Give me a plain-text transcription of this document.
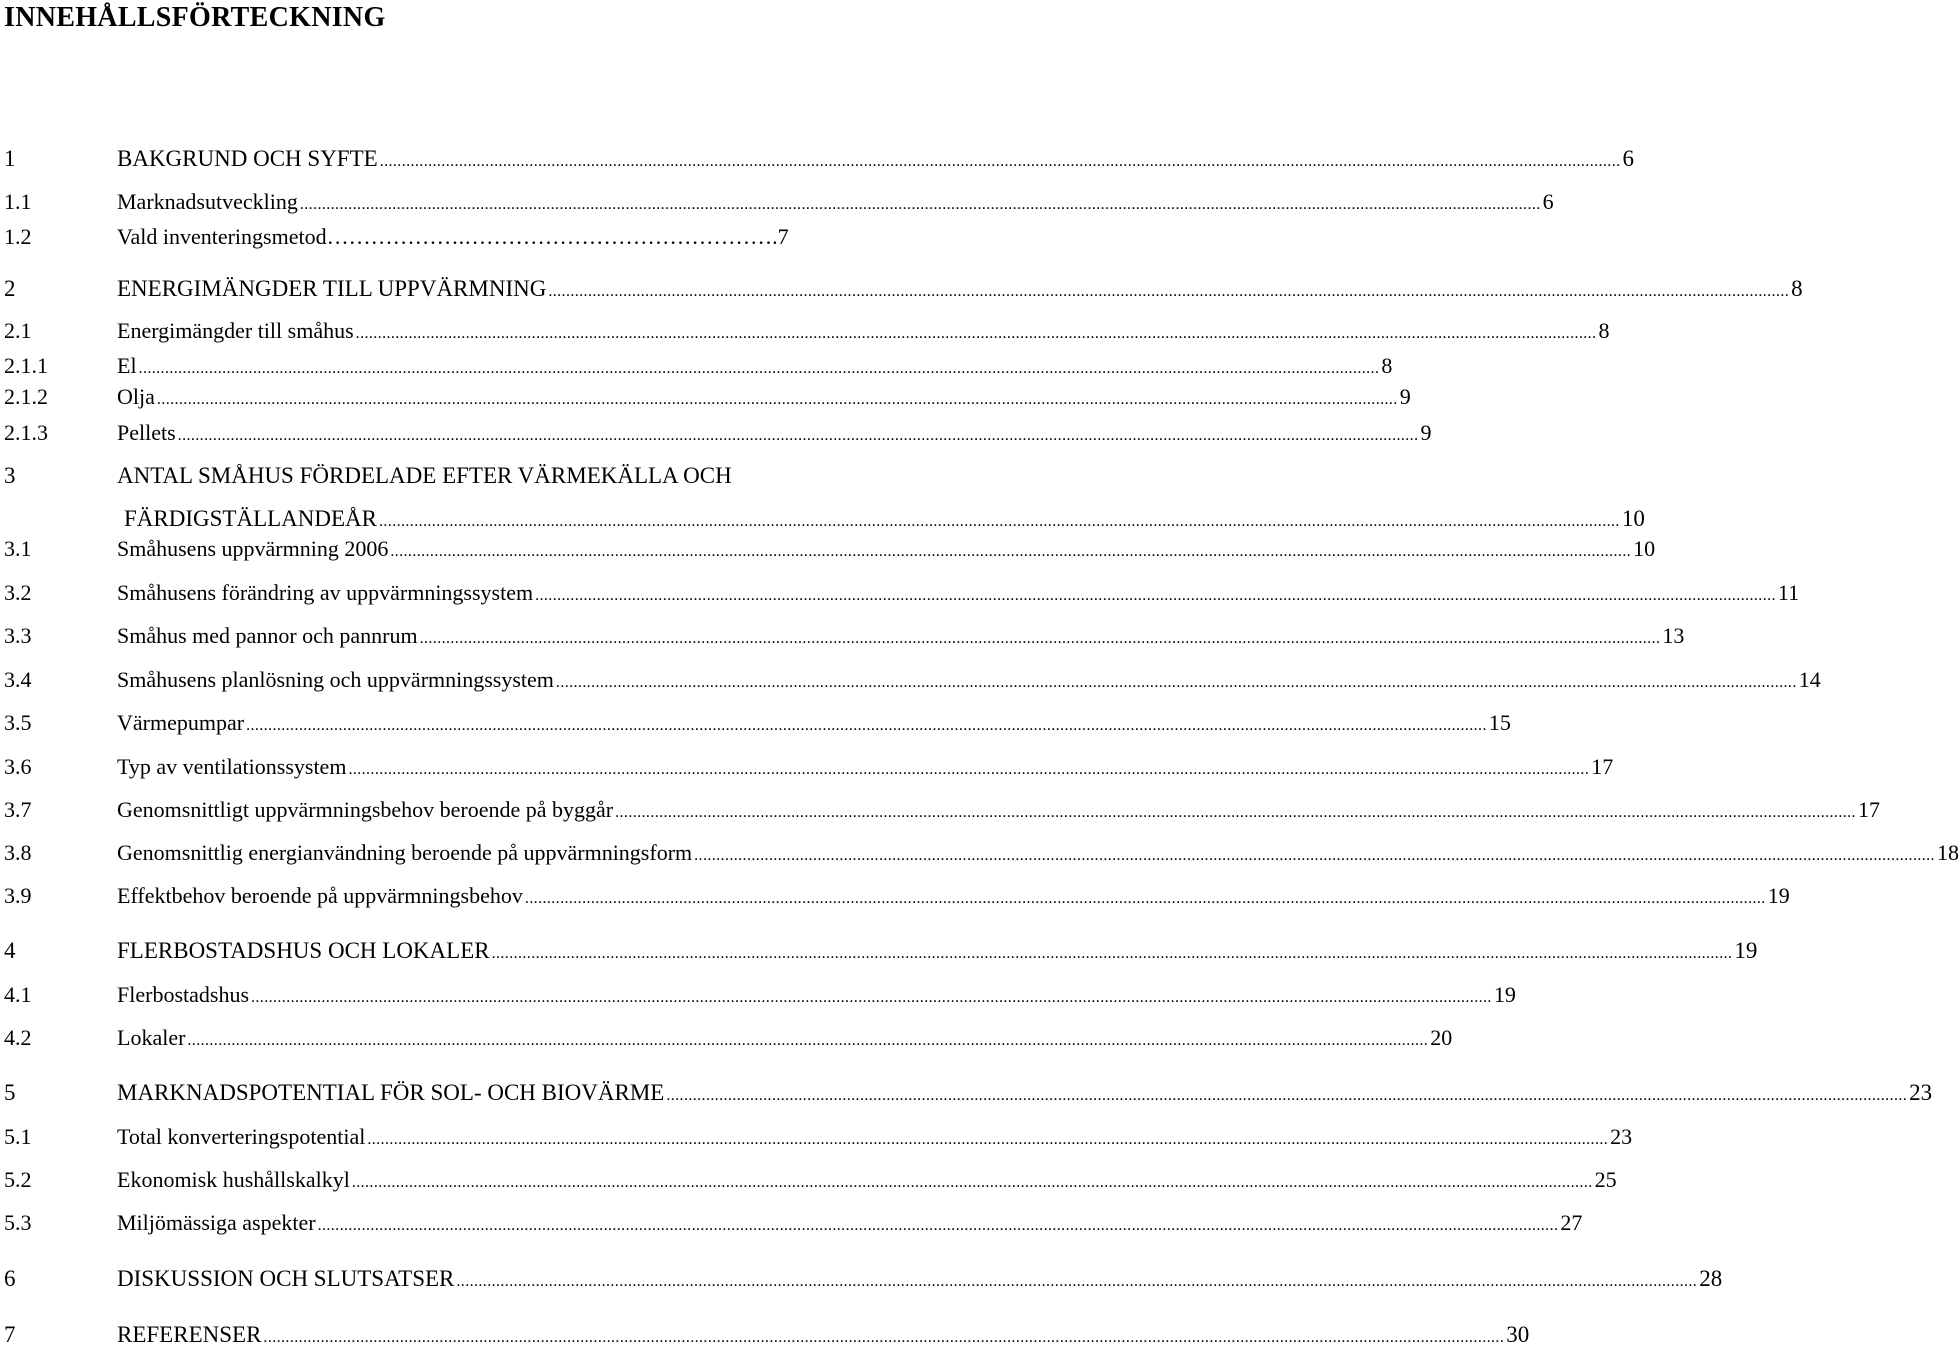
INNEHÅLLSFÖRTECKNING
1	BAKGRUND OCH SYFTE .....	6
1.1	Marknadsutveckling .....	6
1.2	Vald inventeringsmetod……………….…………………………………….7
2	ENERGIMÄNGDER TILL UPPVÄRMNING .....	8
2.1	Energimängder till småhus .....	8
2.1.1	El .....	8
2.1.2	Olja .....	9
2.1.3	Pellets .....	9
3	ANTAL SMÅHUS FÖRDELADE EFTER VÄRMEKÄLLA OCH
FÄRDIGSTÄLLANDEÅR .....	10
3.1	Småhusens uppvärmning 2006 .....	10
3.2	Småhusens förändring av uppvärmningssystem .....	11
3.3	Småhus med pannor och pannrum .....	13
3.4	Småhusens planlösning och uppvärmningssystem .....	14
3.5	Värmepumpar .....	15
3.6	Typ av ventilationssystem .....	17
3.7	Genomsnittligt uppvärmningsbehov beroende på byggår .....	17
3.8	Genomsnittlig energianvändning beroende på uppvärmningsform .....	18
3.9	Effektbehov beroende på uppvärmningsbehov .....	19
4	FLERBOSTADSHUS OCH LOKALER .....	19
4.1	Flerbostadshus .....	19
4.2	Lokaler .....	20
5	MARKNADSPOTENTIAL FÖR SOL- OCH BIOVÄRME .....	23
5.1	Total konverteringspotential .....	23
5.2	Ekonomisk hushållskalkyl .....	25
5.3	Miljömässiga aspekter .....	27
6	DISKUSSION OCH SLUTSATSER .....	28
7	REFERENSER .....	30
